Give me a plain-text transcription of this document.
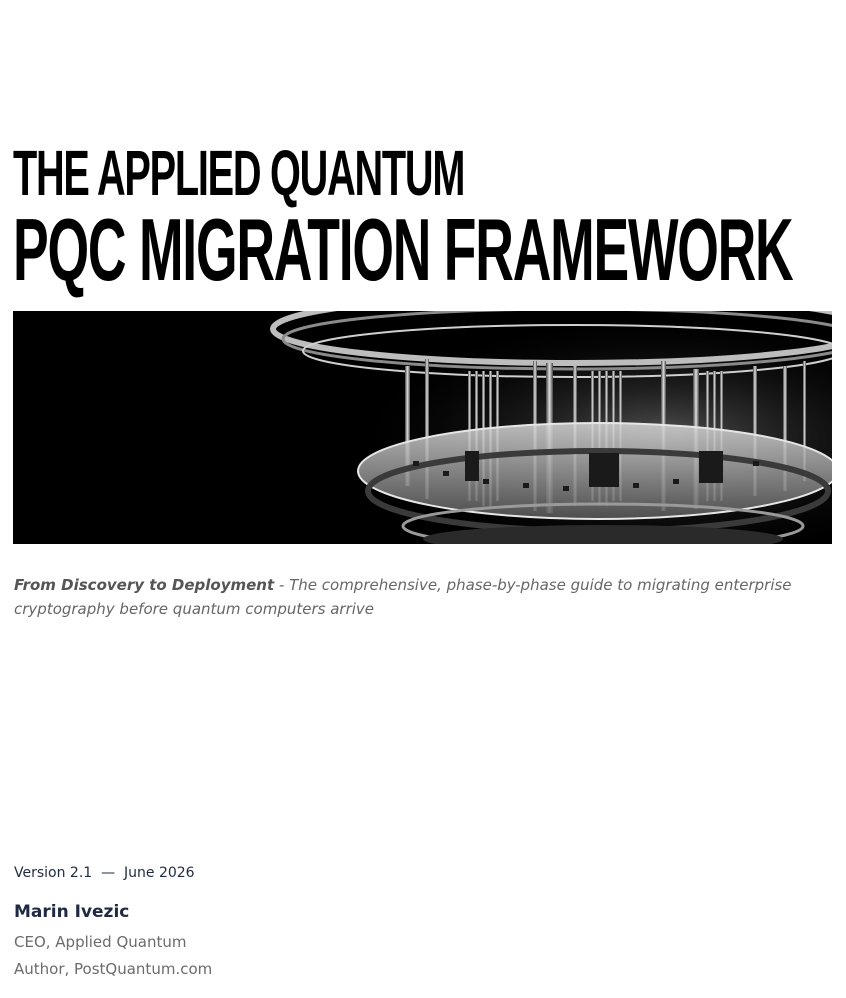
THE APPLIED QUANTUM
PQC MIGRATION FRAMEWORK

From Discovery to Deployment - The comprehensive, phase-by-phase guide to migrating enterprise cryptography before quantum computers arrive

Version 2.1 — June 2026
Marin Ivezic
CEO, Applied Quantum
Author, PostQuantum.com
